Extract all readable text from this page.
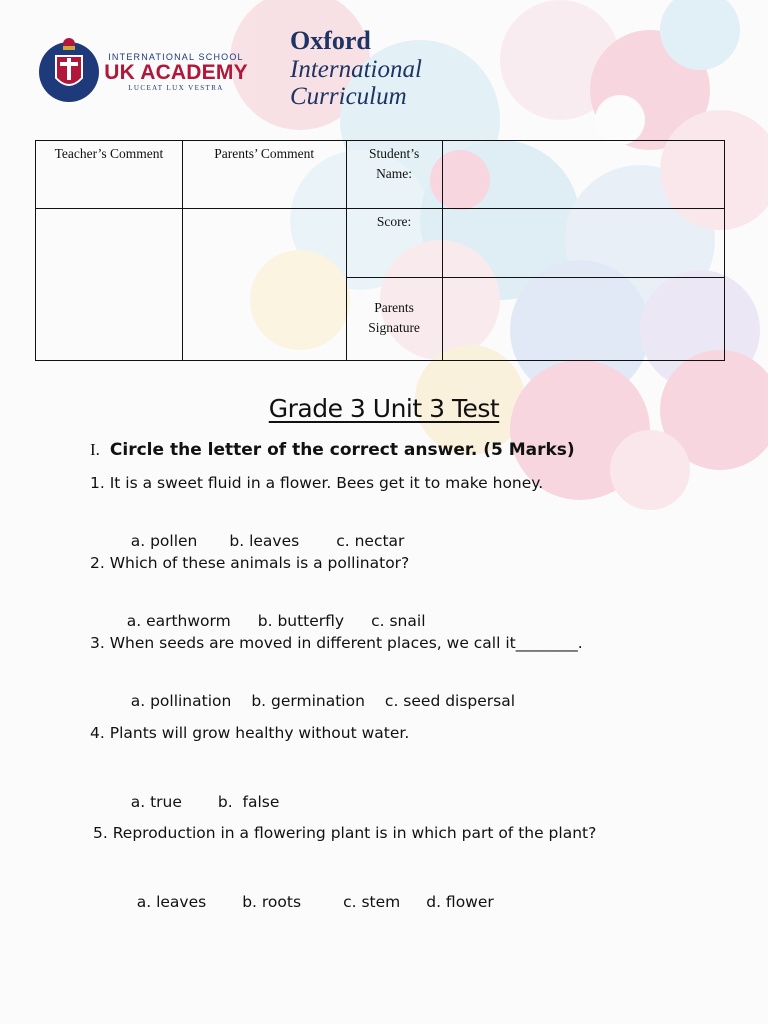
INTERNATIONAL SCHOOL
UK ACADEMY
LUCEAT LUX VESTRA
Oxford
International
Curriculum
Teacher’s Comment	Parents’ Comment	Student’s
Name:	

		Score:	

		Parents
Signature	

Grade 3 Unit 3 Test
I. Circle the letter of the correct answer. (5 Marks)
1. It is a sweet fluid in a flower. Bees get it to make honey.

a. pollen b. leaves c. nectar

2. Which of these animals is a pollinator?

a. earthworm b. butterfly c. snail

3. When seeds are moved in different places, we call it________.

a. pollination b. germination c. seed dispersal

4. Plants will grow healthy without water.

a. true b.  false

5. Reproduction in a flowering plant is in which part of the plant?

a. leaves b. roots	c. stem d. flower
